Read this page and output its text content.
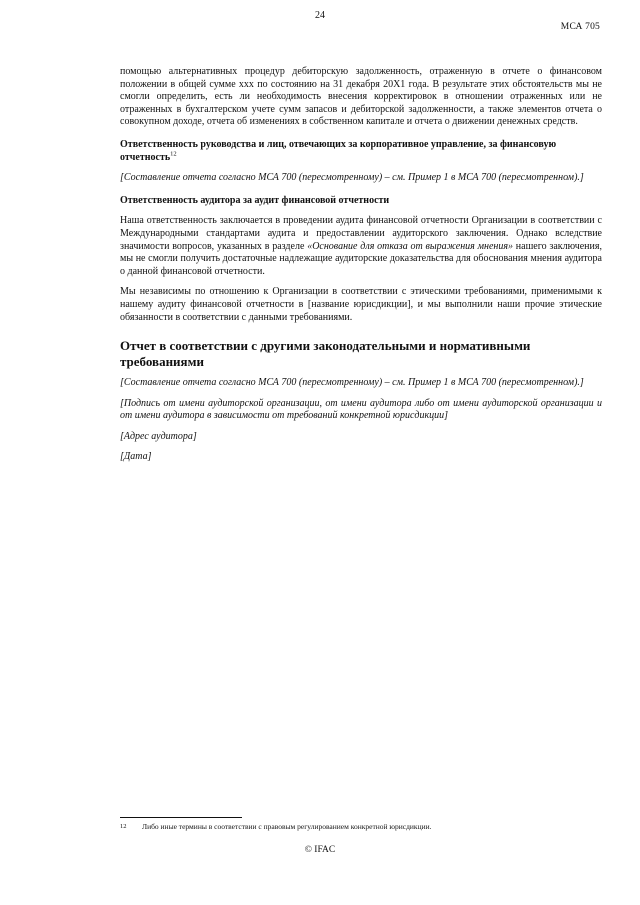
24
МСА 705

помощью альтернативных процедур дебиторскую задолженность, отраженную в отчете о финансовом положении в общей сумме ххх по состоянию на 31 декабря 20Х1 года. В результате этих обстоятельств мы не смогли определить, есть ли необходимость внесения корректировок в отношении отраженных или не отраженных в бухгалтерском учете сумм запасов и дебиторской задолженности, а также элементов отчета о совокупном доходе, отчета об изменениях в собственном капитале и отчета о движении денежных средств.

Ответственность руководства и лиц, отвечающих за корпоративное управление, за финансовую отчетность$^{12}$

[Составление отчета согласно МСА 700 (пересмотренному) – см. Пример 1 в МСА 700 (пересмотренном).]

Ответственность аудитора за аудит финансовой отчетности

Наша ответственность заключается в проведении аудита финансовой отчетности Организации в соответствии с Международными стандартами аудита и предоставлении аудиторского заключения. Однако вследствие значимости вопросов, указанных в разделе «Основание для отказа от выражения мнения» нашего заключения, мы не смогли получить достаточные надлежащие аудиторские доказательства для обоснования мнения аудитора о данной финансовой отчетности.

Мы независимы по отношению к Организации в соответствии с этическими требованиями, применимыми к нашему аудиту финансовой отчетности в [название юрисдикции], и мы выполнили наши прочие этические обязанности в соответствии с данными требованиями.

Отчет в соответствии с другими законодательными и нормативными требованиями

[Составление отчета согласно МСА 700 (пересмотренному) – см. Пример 1 в МСА 700 (пересмотренном).]

[Подпись от имени аудиторской организации, от имени аудитора либо от имени аудиторской организации и от имени аудитора в зависимости от требований конкретной юрисдикции]

[Адрес аудитора]

[Дата]

12 Либо иные термины в соответствии с правовым регулированием конкретной юрисдикции.
© IFAC
